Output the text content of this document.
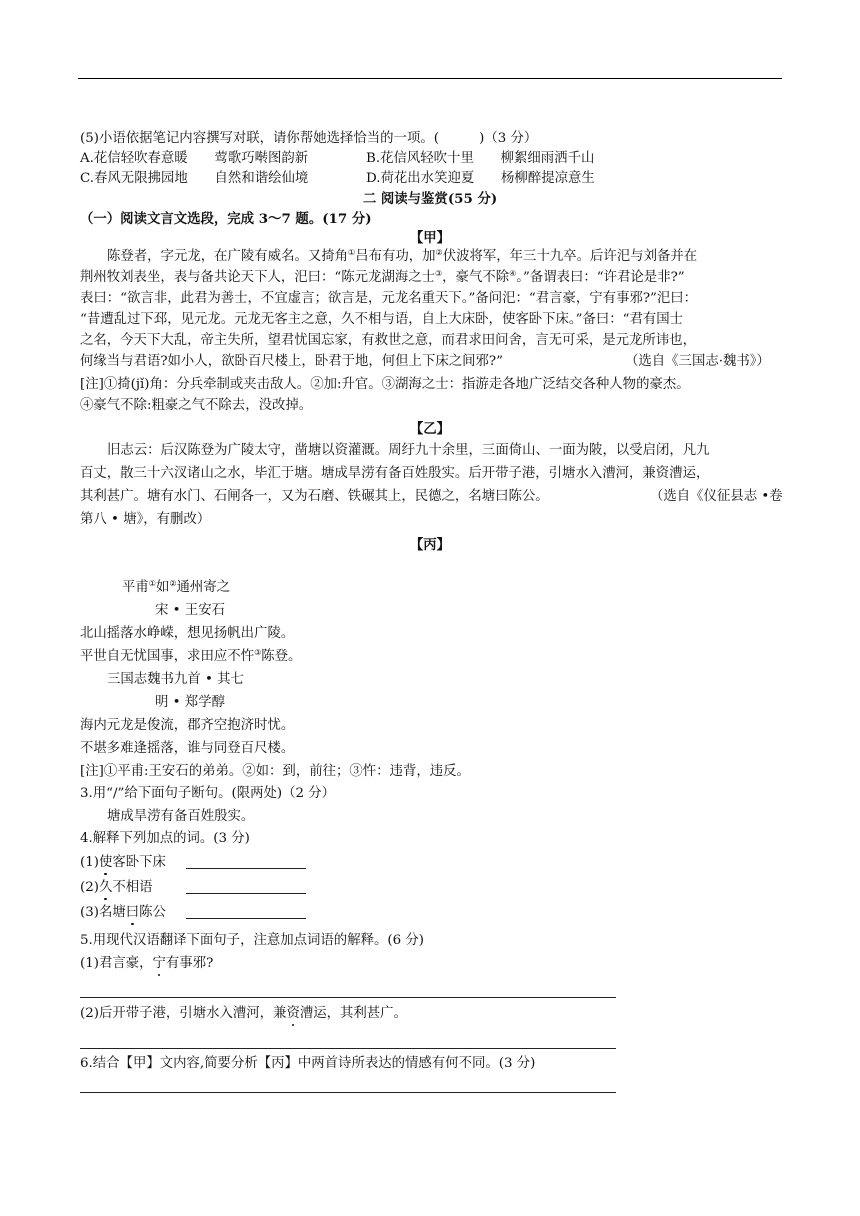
(5)小语依据笔记内容撰写对联，请你帮她选择恰当的一项。(　　　)（3 分）
A.花信轻吹春意暖　　莺歌巧啭图韵新	B.花信风轻吹十里　　柳絮细雨洒千山
C.春风无限拂园地　　自然和谐绘仙境	D.荷花出水笑迎夏　　杨柳醉提凉意生
二 阅读与鉴赏(55 分)
（一）阅读文言文选段，完成 3～7 题。(17 分)
【甲】
陈登者，字元龙，在广陵有威名。又掎角①吕布有功，加②伏波将军，年三十九卒。后许汜与刘备并在
荆州牧刘表坐，表与备共论天下人，汜曰：“陈元龙湖海之士③，豪气不除④。”备谓表曰：“许君论是非?”
表曰：“欲言非，此君为善士，不宜虚言；欲言是，元龙名重天下。”备问汜：“君言豪，宁有事邪?”汜曰：
“昔遭乱过下邳，见元龙。元龙无客主之意，久不相与语，自上大床卧，使客卧下床。”备曰：“君有国士
之名，今天下大乱，帝主失所，望君忧国忘家，有救世之意，而君求田问舍，言无可采，是元龙所讳也，
何缘当与君语?如小人，欲卧百尺楼上，卧君于地，何但上下床之间邪?”	（选自《三国志·魏书》）
[注]①掎(jǐ)角：分兵牵制或夹击敌人。②加:升官。③湖海之士：指游走各地广泛结交各种人物的豪杰。
④豪气不除:粗豪之气不除去，没改掉。
【乙】
旧志云：后汉陈登为广陵太守，凿塘以资灌溉。周纡九十余里，三面倚山、一面为陂，以受启闭，凡九
百丈，散三十六汊诸山之水，毕汇于塘。塘成旱涝有备百姓殷实。后开带子港，引塘水入漕河，兼资漕运，
其利甚广。塘有水门、石闸各一，又为石磨、铁碾其上，民德之，名塘曰陈公。	（选自《仪征县志 •卷
第八 • 塘》，有删改）
【丙】
平甫①如②通州寄之
宋 • 王安石
北山摇落水峥嵘，想见扬帆出广陵。
平世自无忧国事，求田应不忤③陈登。
三国志魏书九首 • 其七
明 • 郑学醇
海内元龙是俊流，郡齐空抱济时忧。
不堪多难逢摇落，谁与同登百尺楼。
[注]①平甫:王安石的弟弟。②如：到，前往；③忤：违背，违反。
3.用“/”给下面句子断句。(限两处)（2 分）
塘成旱涝有备百姓殷实。
4.解释下列加点的词。(3 分)
(1)使客卧下床
(2)久不相语
(3)名塘曰陈公
5.用现代汉语翻译下面句子，注意加点词语的解释。(6 分)
(1)君言豪，宁有事邪?
(2)后开带子港，引塘水入漕河，兼资漕运，其利甚广。
6.结合【甲】文内容,简要分析【丙】中两首诗所表达的情感有何不同。(3 分)
